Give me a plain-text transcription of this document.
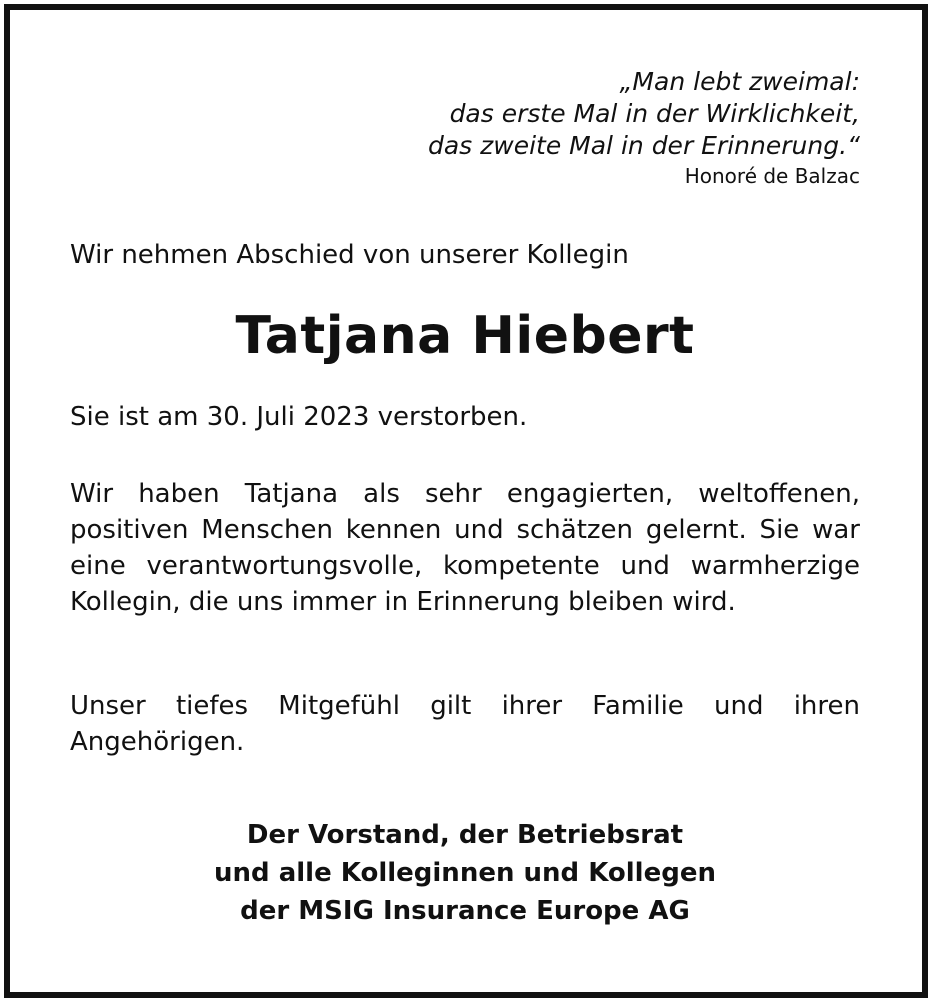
„Man lebt zweimal:
das erste Mal in der Wirklichkeit,
das zweite Mal in der Erinnerung.“
Honoré de Balzac
Wir nehmen Abschied von unserer Kollegin
Tatjana Hiebert
Sie ist am 30. Juli 2023 verstorben.

Wir haben Tatjana als sehr engagierten, weltoffenen, positiven Menschen kennen und schätzen gelernt. Sie war eine verantwortungsvolle, kompetente und warmherzige Kollegin, die uns immer in Erinnerung bleiben wird.

Unser tiefes Mitgefühl gilt ihrer Familie und ihren Angehörigen.

Der Vorstand, der Betriebsrat
und alle Kolleginnen und Kollegen
der MSIG Insurance Europe AG
